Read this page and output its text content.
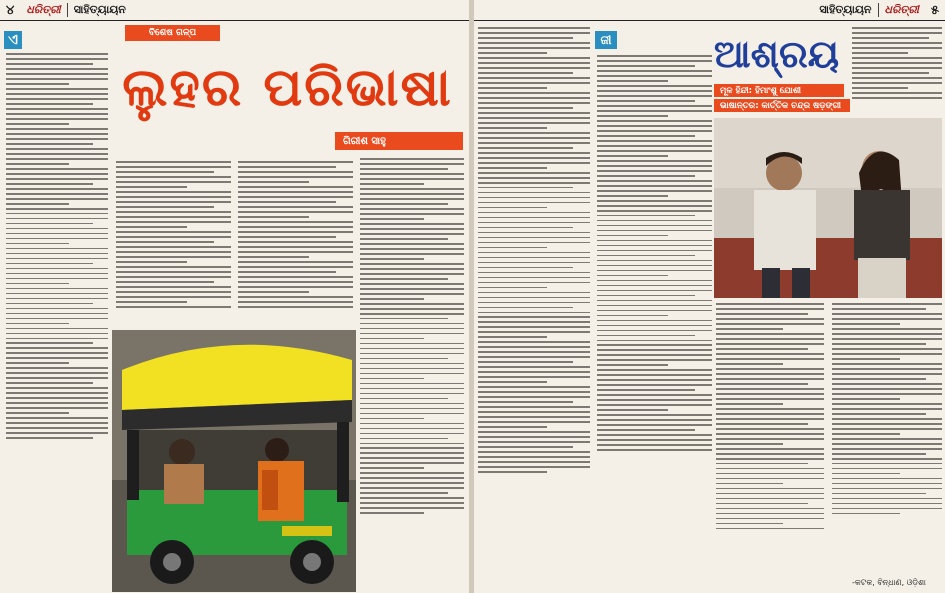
୪	ଧରିତ୍ରୀ	ସାହିତ୍ୟାୟନ
ଏ	ବିଶେଷ ଗଳ୍ପ
ଲୁହର ପରିଭାଷା
ଗିରୀଶ ସାହୁ
ସାହିତ୍ୟାୟନ	ଧରିତ୍ରୀ ୫
ଜୀ	ଆଶ୍ରୟ
ମୂଳ ହିନ୍ଦୀ: ହିମାଂଶୁ ଯୋଶୀ
ଭାଷାନ୍ତର: କାର୍ତ୍ତିକ ଚନ୍ଦ୍ର ଷଡ଼ଙ୍ଗୀ
-କଟକ, ବିନ୍ଧାଣ, ଓଡ଼ିଶା
